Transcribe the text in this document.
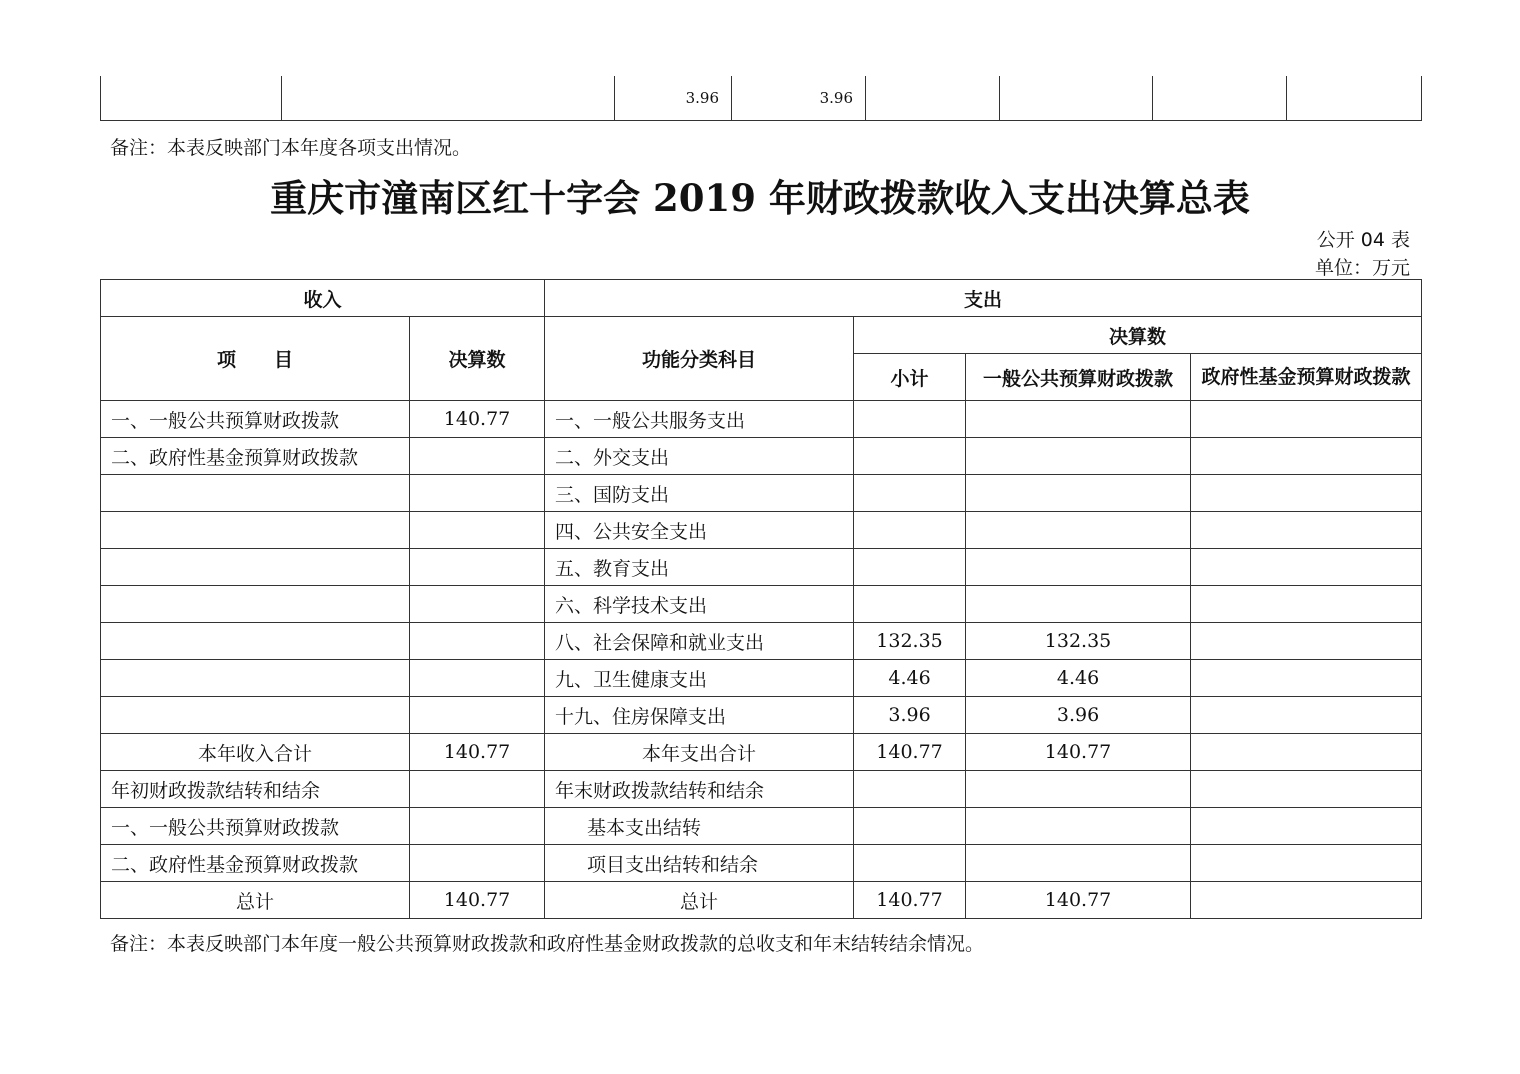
		3.96	3.96				
备注：本表反映部门本年度各项支出情况。
重庆市潼南区红十字会 2019 年财政拨款收入支出决算总表
公开 04 表
单位：万元
收入		支出			
项　　目	决算数	功能分类科目	决算数		
			小计	一般公共预算财政拨款	政府性基金预算财政拨款
一、一般公共预算财政拨款	140.77	一、一般公共服务支出			
二、政府性基金预算财政拨款		二、外交支出			
		三、国防支出			
		四、公共安全支出			
		五、教育支出			
		六、科学技术支出			
		八、社会保障和就业支出	132.35	132.35	
		九、卫生健康支出	4.46	4.46	
		十九、住房保障支出	3.96	3.96	
本年收入合计	140.77	本年支出合计	140.77	140.77	
年初财政拨款结转和结余		年末财政拨款结转和结余			
一、一般公共预算财政拨款		基本支出结转			
二、政府性基金预算财政拨款		项目支出结转和结余			
总计	140.77	总计	140.77	140.77	
备注：本表反映部门本年度一般公共预算财政拨款和政府性基金财政拨款的总收支和年末结转结余情况。
